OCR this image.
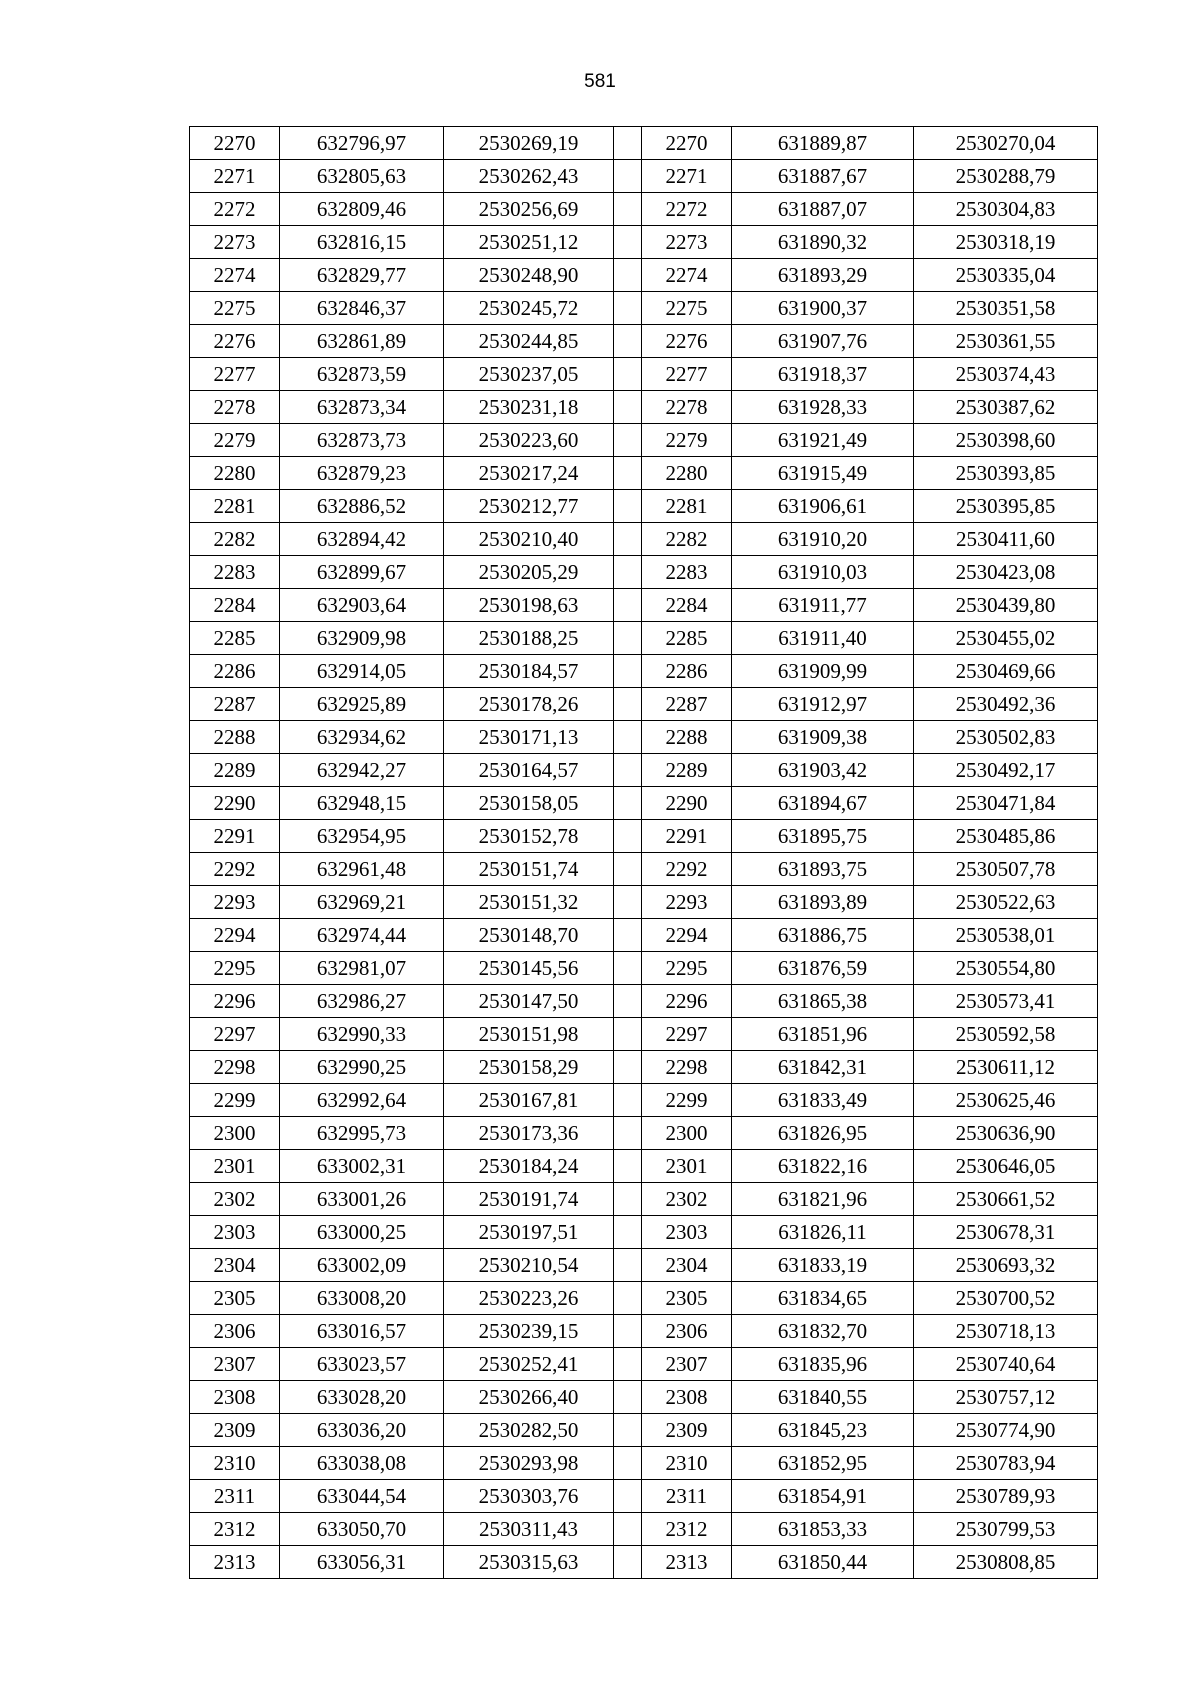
581
2270	632796,97	2530269,19		2270	631889,87	2530270,04
2271	632805,63	2530262,43		2271	631887,67	2530288,79
2272	632809,46	2530256,69		2272	631887,07	2530304,83
2273	632816,15	2530251,12		2273	631890,32	2530318,19
2274	632829,77	2530248,90		2274	631893,29	2530335,04
2275	632846,37	2530245,72		2275	631900,37	2530351,58
2276	632861,89	2530244,85		2276	631907,76	2530361,55
2277	632873,59	2530237,05		2277	631918,37	2530374,43
2278	632873,34	2530231,18		2278	631928,33	2530387,62
2279	632873,73	2530223,60		2279	631921,49	2530398,60
2280	632879,23	2530217,24		2280	631915,49	2530393,85
2281	632886,52	2530212,77		2281	631906,61	2530395,85
2282	632894,42	2530210,40		2282	631910,20	2530411,60
2283	632899,67	2530205,29		2283	631910,03	2530423,08
2284	632903,64	2530198,63		2284	631911,77	2530439,80
2285	632909,98	2530188,25		2285	631911,40	2530455,02
2286	632914,05	2530184,57		2286	631909,99	2530469,66
2287	632925,89	2530178,26		2287	631912,97	2530492,36
2288	632934,62	2530171,13		2288	631909,38	2530502,83
2289	632942,27	2530164,57		2289	631903,42	2530492,17
2290	632948,15	2530158,05		2290	631894,67	2530471,84
2291	632954,95	2530152,78		2291	631895,75	2530485,86
2292	632961,48	2530151,74		2292	631893,75	2530507,78
2293	632969,21	2530151,32		2293	631893,89	2530522,63
2294	632974,44	2530148,70		2294	631886,75	2530538,01
2295	632981,07	2530145,56		2295	631876,59	2530554,80
2296	632986,27	2530147,50		2296	631865,38	2530573,41
2297	632990,33	2530151,98		2297	631851,96	2530592,58
2298	632990,25	2530158,29		2298	631842,31	2530611,12
2299	632992,64	2530167,81		2299	631833,49	2530625,46
2300	632995,73	2530173,36		2300	631826,95	2530636,90
2301	633002,31	2530184,24		2301	631822,16	2530646,05
2302	633001,26	2530191,74		2302	631821,96	2530661,52
2303	633000,25	2530197,51		2303	631826,11	2530678,31
2304	633002,09	2530210,54		2304	631833,19	2530693,32
2305	633008,20	2530223,26		2305	631834,65	2530700,52
2306	633016,57	2530239,15		2306	631832,70	2530718,13
2307	633023,57	2530252,41		2307	631835,96	2530740,64
2308	633028,20	2530266,40		2308	631840,55	2530757,12
2309	633036,20	2530282,50		2309	631845,23	2530774,90
2310	633038,08	2530293,98		2310	631852,95	2530783,94
2311	633044,54	2530303,76		2311	631854,91	2530789,93
2312	633050,70	2530311,43		2312	631853,33	2530799,53
2313	633056,31	2530315,63		2313	631850,44	2530808,85
